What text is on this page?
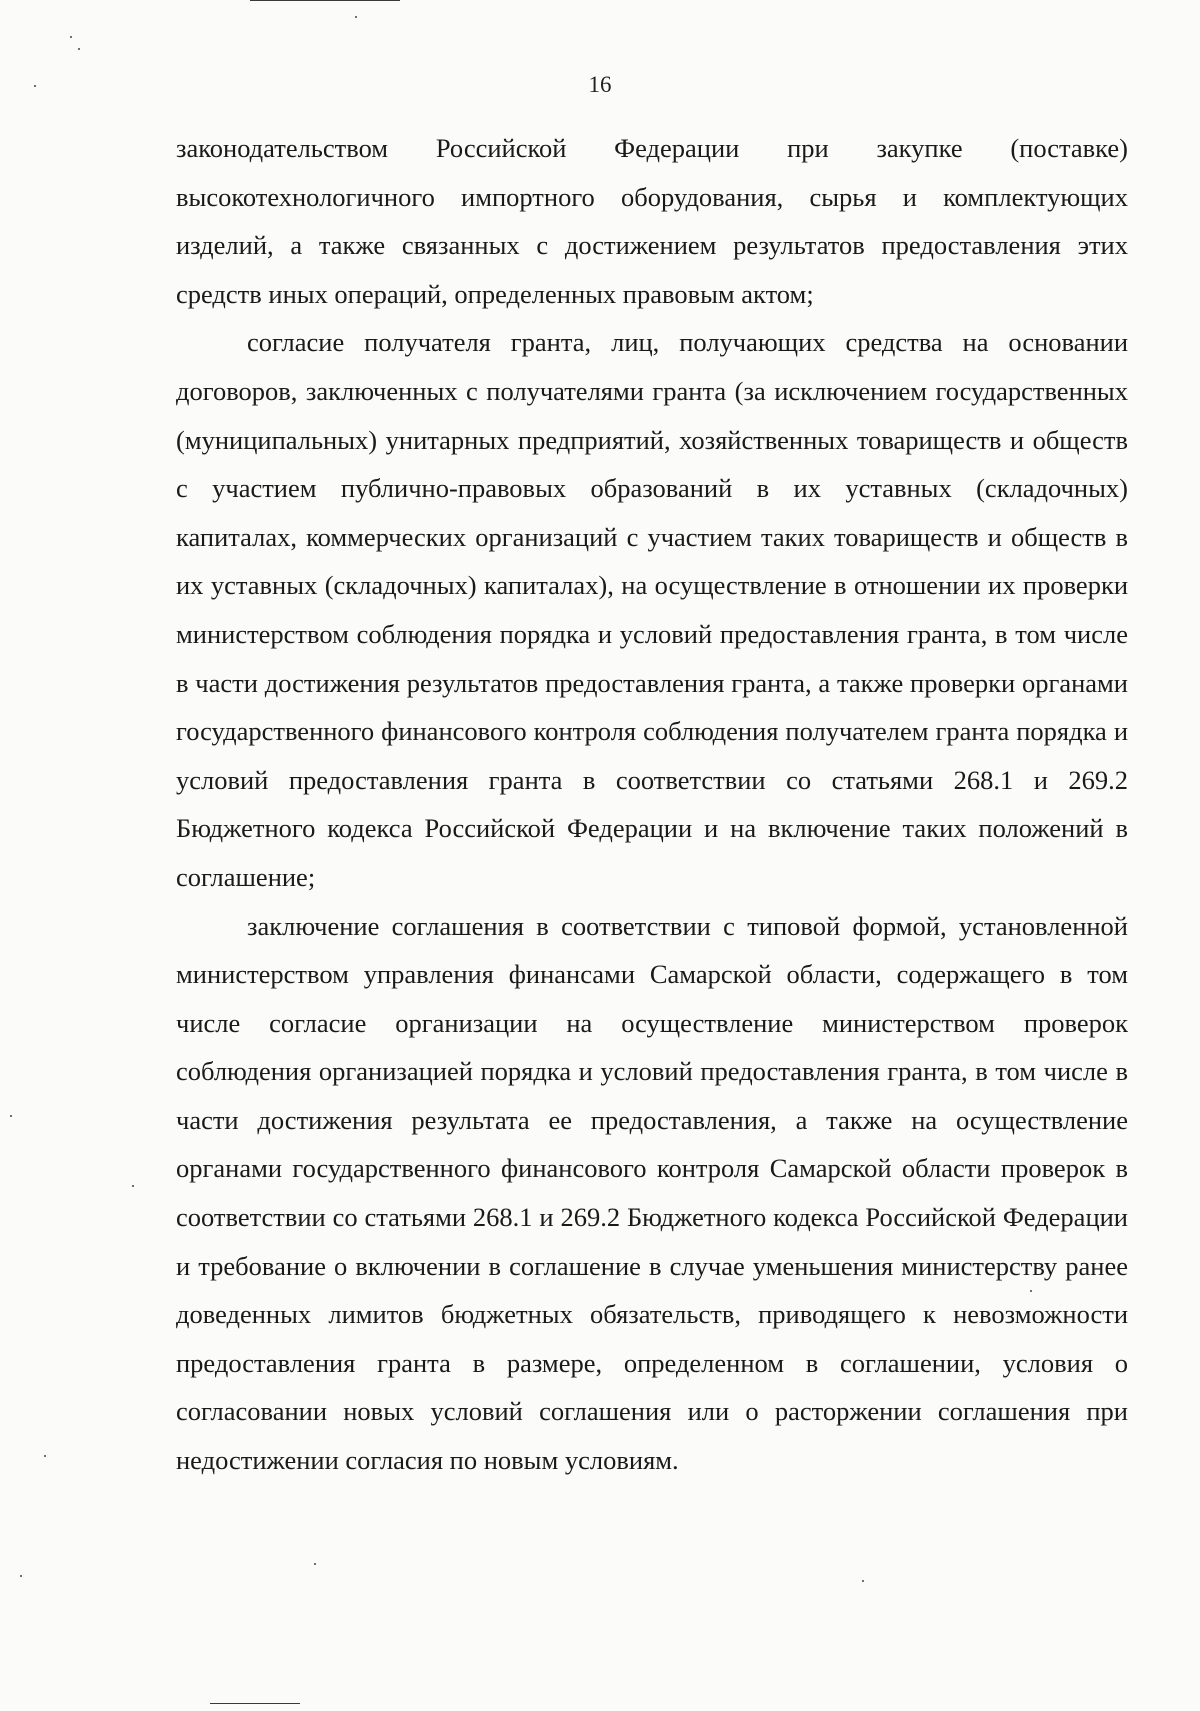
16

законодательством Российской Федерации при закупке (поставке) высокотехнологичного импортного оборудования, сырья и комплектующих изделий, а также связанных с достижением результатов предоставления этих средств иных операций, определенных правовым актом;

согласие получателя гранта, лиц, получающих средства на основании договоров, заключенных с получателями гранта (за исключением государственных (муниципальных) унитарных предприятий, хозяйственных товариществ и обществ с участием публично-правовых образований в их уставных (складочных) капиталах, коммерческих организаций с участием таких товариществ и обществ в их уставных (складочных) капиталах), на осуществление в отношении их проверки министерством соблюдения порядка и условий предоставления гранта, в том числе в части достижения результатов предоставления гранта, а также проверки органами государственного финансового контроля соблюдения получателем гранта порядка и условий предоставления гранта в соответствии со статьями 268.1 и 269.2 Бюджетного кодекса Российской Федерации и на включение таких положений в соглашение;

заключение соглашения в соответствии с типовой формой, установленной министерством управления финансами Самарской области, содержащего в том числе согласие организации на осуществление министерством проверок соблюдения организацией порядка и условий предоставления гранта, в том числе в части достижения результата ее предоставления, а также на осуществление органами государственного финансового контроля Самарской области проверок в соответствии со статьями 268.1 и 269.2 Бюджетного кодекса Российской Федерации и требование о включении в соглашение в случае уменьшения министерству ранее доведенных лимитов бюджетных обязательств, приводящего к невозможности предоставления гранта в размере, определенном в соглашении, условия о согласовании новых условий соглашения или о расторжении соглашения при недостижении согласия по новым условиям.
